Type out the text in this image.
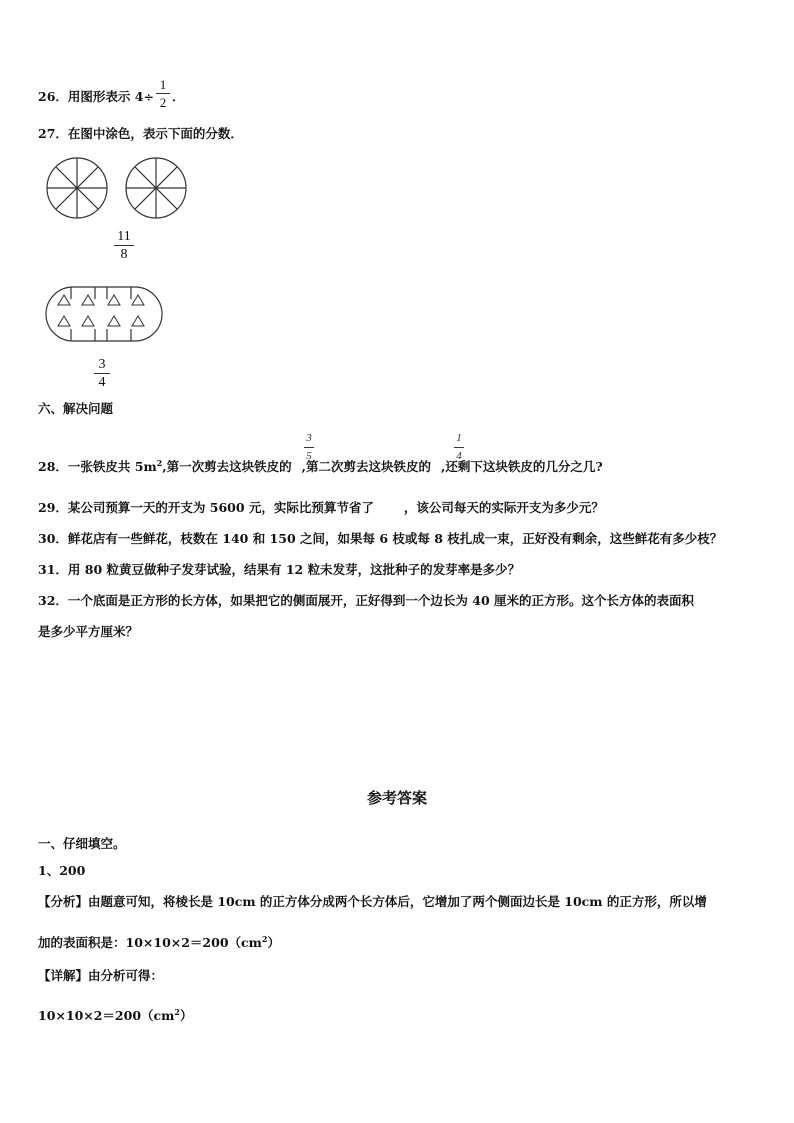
26．用图形表示 4÷
1
2 ．
27．在图中涂色，表示下面的分数．
11
8
3
4
六、解决问题
28．一张铁皮共 $5m^2$,第一次剪去这块铁皮的 ,第二次剪去这块铁皮的 ,还剩下这块铁皮的几分之几?
3
5
1
4
29．某公司预算一天的开支为 5600 元，实际比预算节省了 ，该公司每天的实际开支为多少元？
30．鲜花店有一些鲜花，枝数在 140 和 150 之间，如果每 6 枝或每 8 枝扎成一束，正好没有剩余，这些鲜花有多少枝？
31．用 80 粒黄豆做种子发芽试验，结果有 12 粒未发芽，这批种子的发芽率是多少？
32．一个底面是正方形的长方体，如果把它的侧面展开，正好得到一个边长为 40 厘米的正方形。这个长方体的表面积
是多少平方厘米？
参考答案
一、仔细填空。
1、200
【分析】由题意可知，将棱长是 10cm 的正方体分成两个长方体后，它增加了两个侧面边长是 10cm 的正方形，所以增
加的表面积是：$10\times 10\times 2=200(cm^2)$
【详解】由分析可得：
$10\times 10\times 2=200(cm^2)$
